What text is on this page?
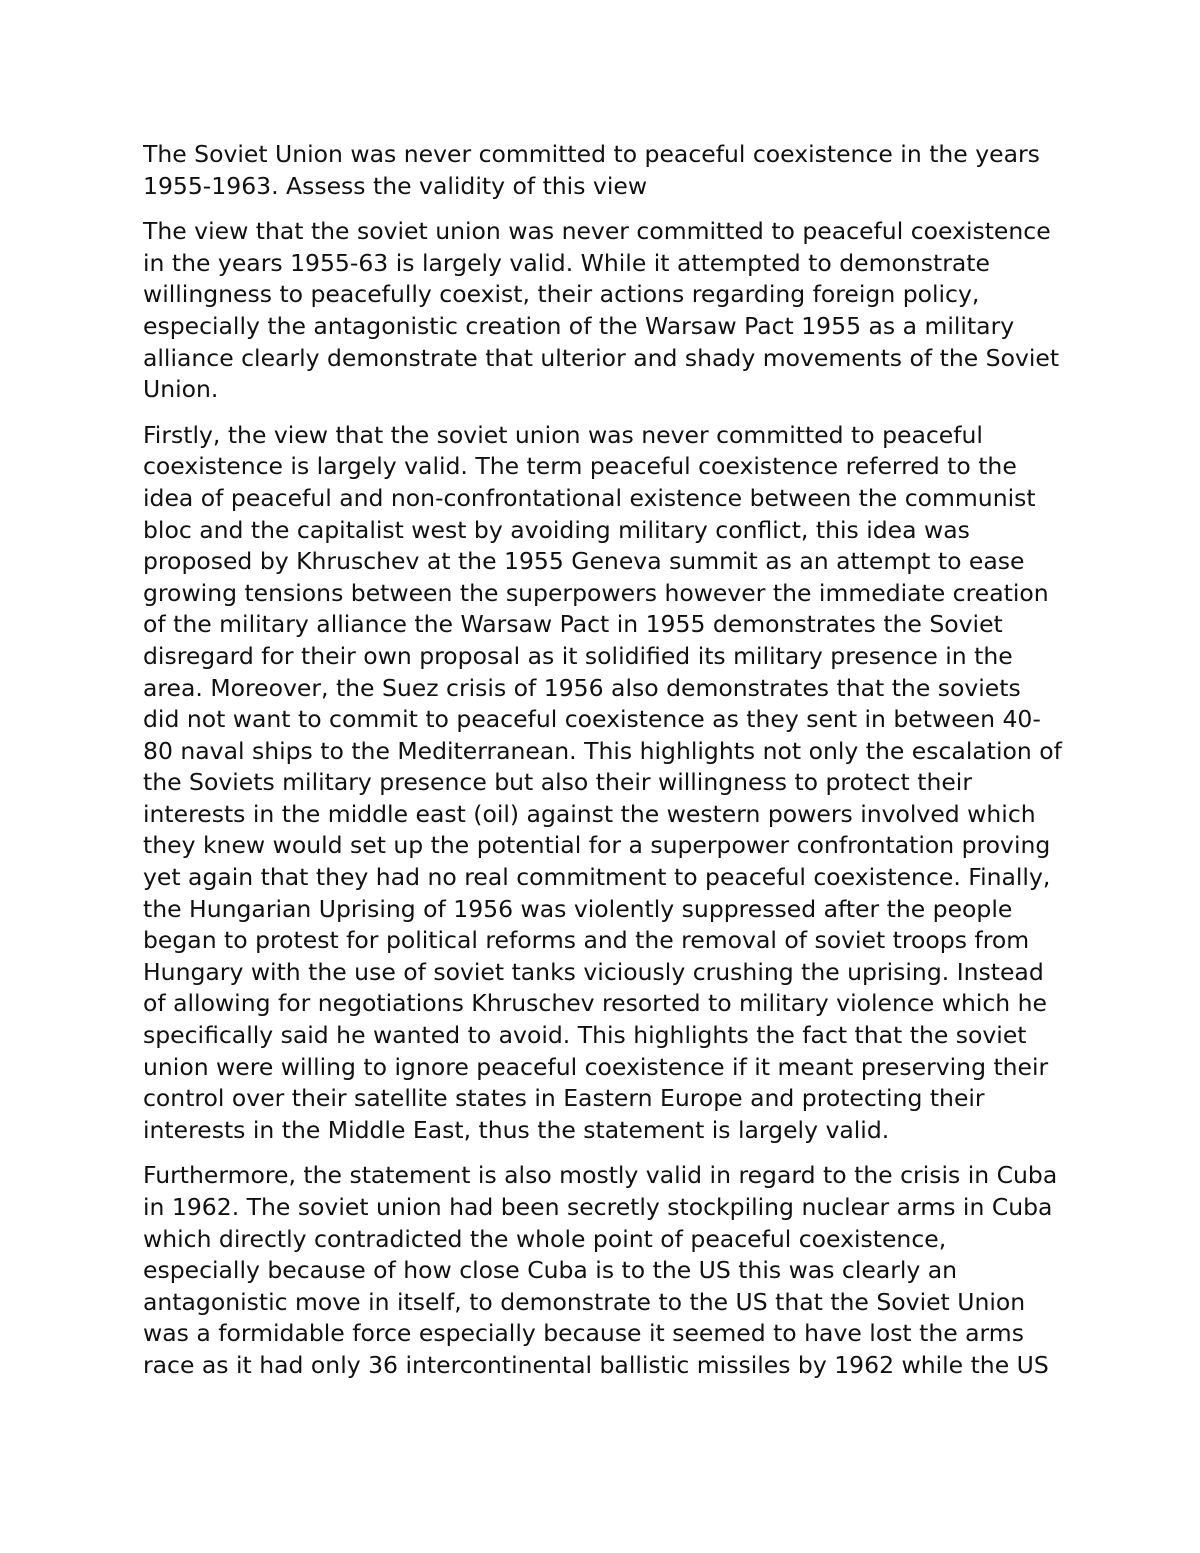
The Soviet Union was never committed to peaceful coexistence in the years 1955-1963. Assess the validity of this view

The view that the soviet union was never committed to peaceful coexistence in the years 1955-63 is largely valid. While it attempted to demonstrate willingness to peacefully coexist, their actions regarding foreign policy, especially the antagonistic creation of the Warsaw Pact 1955 as a military alliance clearly demonstrate that ulterior and shady movements of the Soviet Union.

Firstly, the view that the soviet union was never committed to peaceful coexistence is largely valid. The term peaceful coexistence referred to the idea of peaceful and non-confrontational existence between the communist bloc and the capitalist west by avoiding military conflict, this idea was proposed by Khruschev at the 1955 Geneva summit as an attempt to ease growing tensions between the superpowers however the immediate creation of the military alliance the Warsaw Pact in 1955 demonstrates the Soviet disregard for their own proposal as it solidified its military presence in the area. Moreover, the Suez crisis of 1956 also demonstrates that the soviets did not want to commit to peaceful coexistence as they sent in between 40-80 naval ships to the Mediterranean. This highlights not only the escalation of the Soviets military presence but also their willingness to protect their interests in the middle east (oil) against the western powers involved which they knew would set up the potential for a superpower confrontation proving yet again that they had no real commitment to peaceful coexistence. Finally, the Hungarian Uprising of 1956 was violently suppressed after the people began to protest for political reforms and the removal of soviet troops from Hungary with the use of soviet tanks viciously crushing the uprising. Instead of allowing for negotiations Khruschev resorted to military violence which he specifically said he wanted to avoid. This highlights the fact that the soviet union were willing to ignore peaceful coexistence if it meant preserving their control over their satellite states in Eastern Europe and protecting their interests in the Middle East, thus the statement is largely valid.

Furthermore, the statement is also mostly valid in regard to the crisis in Cuba in 1962. The soviet union had been secretly stockpiling nuclear arms in Cuba which directly contradicted the whole point of peaceful coexistence, especially because of how close Cuba is to the US this was clearly an antagonistic move in itself, to demonstrate to the US that the Soviet Union was a formidable force especially because it seemed to have lost the arms race as it had only 36 intercontinental ballistic missiles by 1962 while the US
